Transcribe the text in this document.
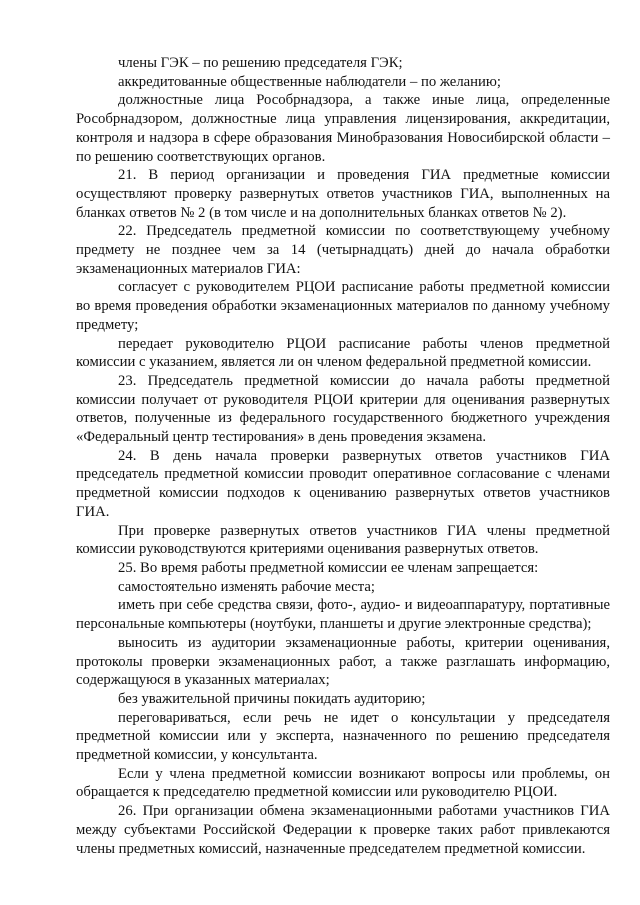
члены ГЭК – по решению председателя ГЭК;

аккредитованные общественные наблюдатели – по желанию;

должностные лица Рособрнадзора, а также иные лица, определенные Рособрнадзором, должностные лица управления лицензирования, аккредитации, контроля и надзора в сфере образования Минобразования Новосибирской области – по решению соответствующих органов.

21. В период организации и проведения ГИА предметные комиссии осуществляют проверку развернутых ответов участников ГИА, выполненных на бланках ответов № 2 (в том числе и на дополнительных бланках ответов № 2).

22. Председатель предметной комиссии по соответствующему учебному предмету не позднее чем за 14 (четырнадцать) дней до начала обработки экзаменационных материалов ГИА:

согласует с руководителем РЦОИ расписание работы предметной комиссии во время проведения обработки экзаменационных материалов по данному учебному предмету;

передает руководителю РЦОИ расписание работы членов предметной комиссии с указанием, является ли он членом федеральной предметной комиссии.

23. Председатель предметной комиссии до начала работы предметной комиссии получает от руководителя РЦОИ критерии для оценивания развернутых ответов, полученные из федерального государственного бюджетного учреждения «Федеральный центр тестирования» в день проведения экзамена.

24. В день начала проверки развернутых ответов участников ГИА председатель предметной комиссии проводит оперативное согласование с членами предметной комиссии подходов к оцениванию развернутых ответов участников ГИА.

При проверке развернутых ответов участников ГИА члены предметной комиссии руководствуются критериями оценивания развернутых ответов.

25. Во время работы предметной комиссии ее членам запрещается:

самостоятельно изменять рабочие места;

иметь при себе средства связи, фото-, аудио- и видеоаппаратуру, портативные персональные компьютеры (ноутбуки, планшеты и другие электронные средства);

выносить из аудитории экзаменационные работы, критерии оценивания, протоколы проверки экзаменационных работ, а также разглашать информацию, содержащуюся в указанных материалах;

без уважительной причины покидать аудиторию;

переговариваться, если речь не идет о консультации у председателя предметной комиссии или у эксперта, назначенного по решению председателя предметной комиссии, у консультанта.

Если у члена предметной комиссии возникают вопросы или проблемы, он обращается к председателю предметной комиссии или руководителю РЦОИ.

26. При организации обмена экзаменационными работами участников ГИА между субъектами Российской Федерации к проверке таких работ привлекаются члены предметных комиссий, назначенные председателем предметной комиссии.
